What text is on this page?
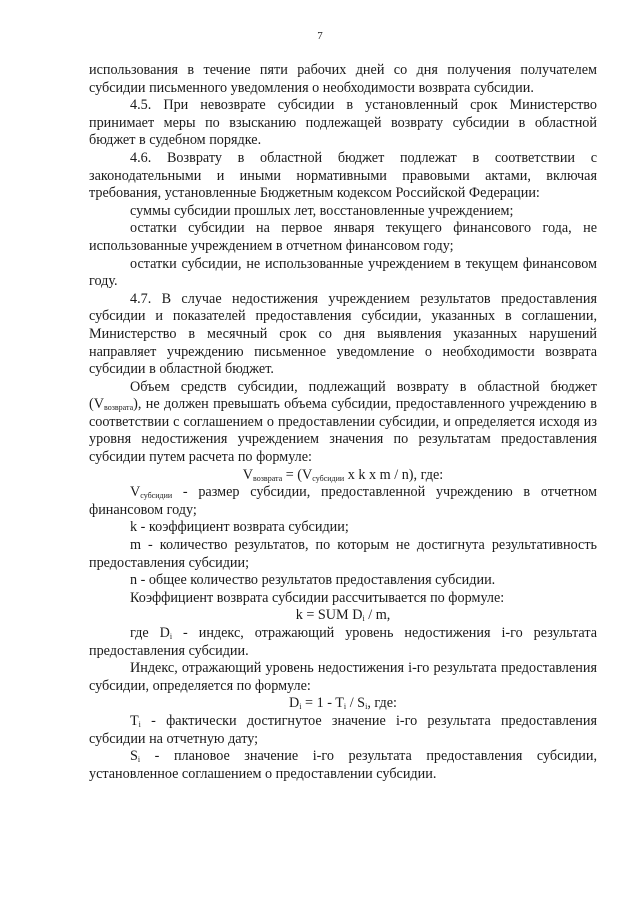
7

использования в течение пяти рабочих дней со дня получения получателем

субсидии письменного уведомления о необходимости возврата субсидии.

4.5. При невозврате субсидии в установленный срок Министерство принимает меры по взысканию подлежащей возврату субсидии в областной бюджет в судебном порядке.

4.6. Возврату в областной бюджет подлежат в соответствии с законодательными и иными нормативными правовыми актами, включая требования, установленные Бюджетным кодексом Российской Федерации:

суммы субсидии прошлых лет, восстановленные учреждением;

остатки субсидии на первое января текущего финансового года, не использованные учреждением в отчетном финансовом году;

остатки субсидии, не использованные учреждением в текущем финансовом году.

4.7. В случае недостижения учреждением результатов предоставления субсидии и показателей предоставления субсидии, указанных в соглашении, Министерство в месячный срок со дня выявления указанных нарушений направляет учреждению письменное уведомление о необходимости возврата субсидии в областной бюджет.

Объем средств субсидии, подлежащий возврату в областной бюджет $(V_{возврата})$, не должен превышать объема субсидии, предоставленного учреждению в соответствии с соглашением о предоставлении субсидии, и определяется исходя из уровня недостижения учреждением значения по результатам предоставления субсидии путем расчета по формуле:

$V_{возврата} = (V_{субсидии}$ x k x m / n), где:

$V_{субсидии}$ - размер субсидии, предоставленной учреждению в отчетном финансовом году;

k - коэффициент возврата субсидии;

m - количество результатов, по которым не достигнута результативность предоставления субсидии;

n - общее количество результатов предоставления субсидии.

Коэффициент возврата субсидии рассчитывается по формуле:

k = SUM $D_i$ / m,

где $D_i$ - индекс, отражающий уровень недостижения i-го результата предоставления субсидии.

Индекс, отражающий уровень недостижения i-го результата предоставления субсидии, определяется по формуле:

$D_i = 1 - T_i / S_i$, где:

$T_i$ - фактически достигнутое значение i-го результата предоставления субсидии на отчетную дату;

$S_i$ - плановое значение i-го результата предоставления субсидии, установленное соглашением о предоставлении субсидии.
